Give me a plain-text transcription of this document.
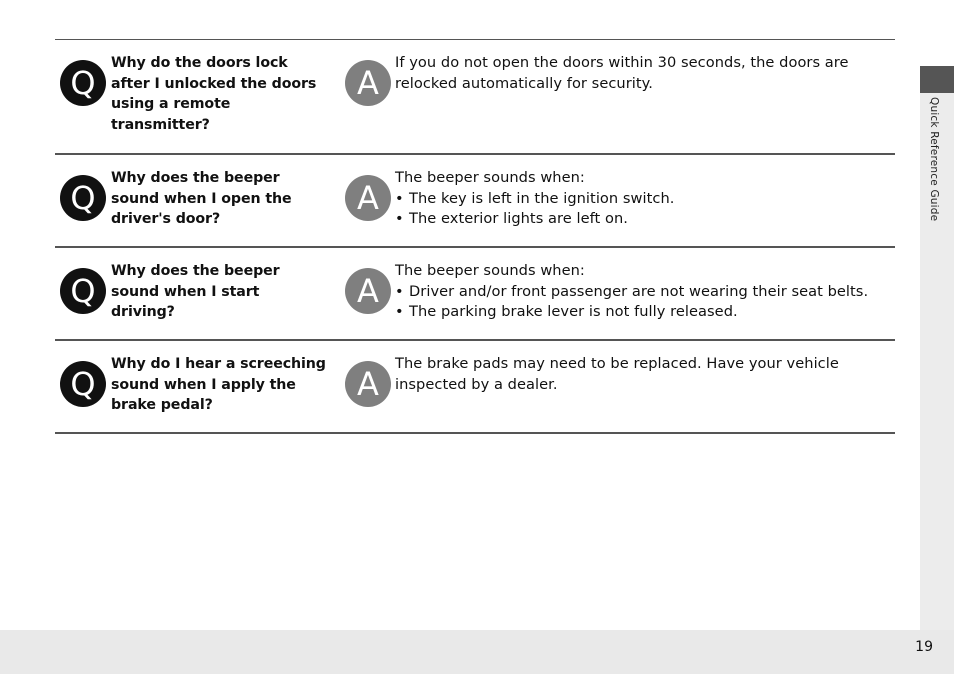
Q

Why do the doors lock
after I unlocked the doors
using a remote
transmitter?

A
If you do not open the doors within 30 seconds, the doors are
relocked automatically for security.
Q

Why does the beeper
sound when I open the
driver's door?

A
The beeper sounds when:
• The key is left in the ignition switch.
• The exterior lights are left on.
Q

Why does the beeper
sound when I start driving?

A
The beeper sounds when:
• Driver and/or front passenger are not wearing their seat belts.
• The parking brake lever is not fully released.
Q

Why do I hear a screeching
sound when I apply the
brake pedal?

A
The brake pads may need to be replaced. Have your vehicle
inspected by a dealer.
Quick Reference Guide
19
